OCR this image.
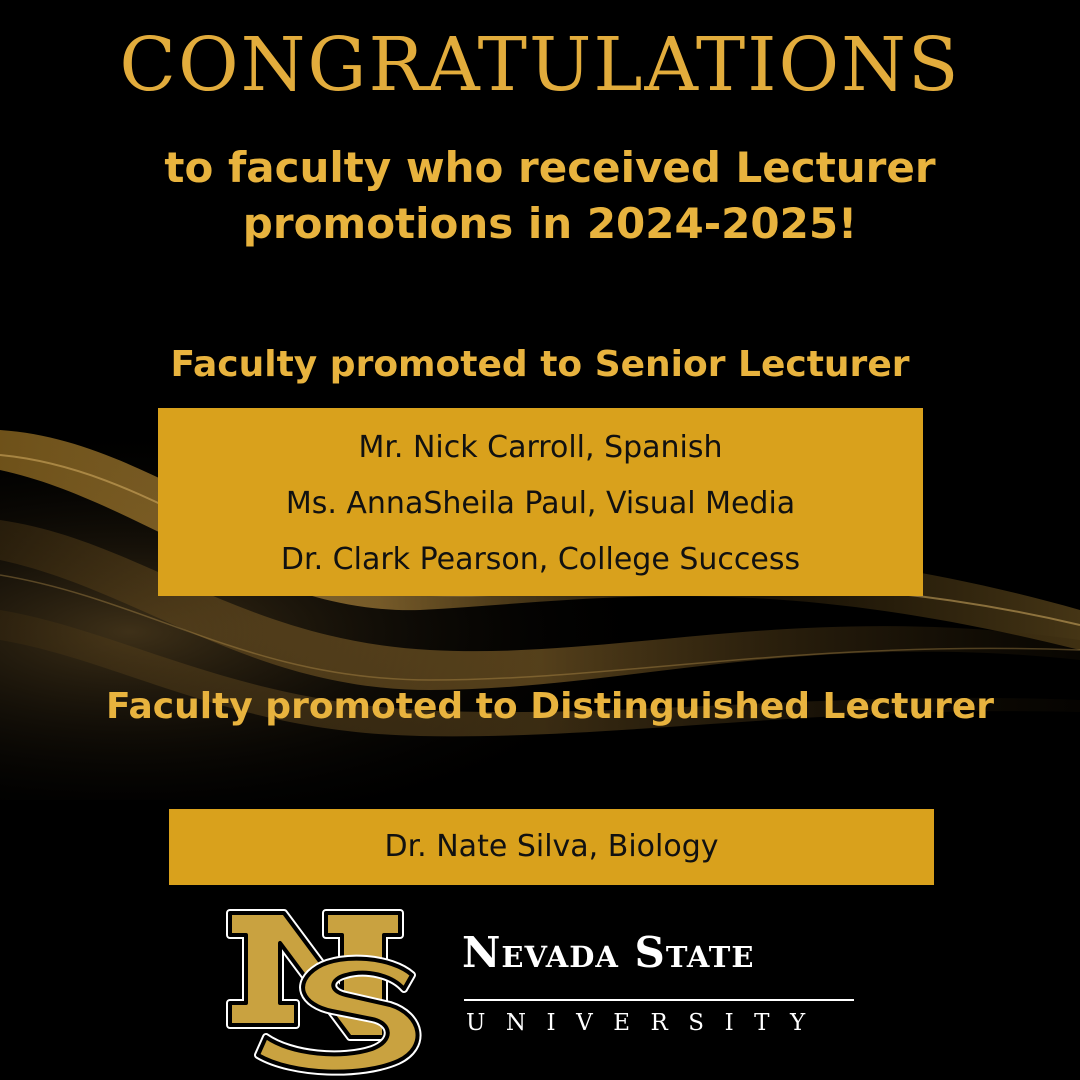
CONGRATULATIONS
to faculty who received Lecturer promotions in 2024-2025!
Faculty promoted to Senior Lecturer
Mr. Nick Carroll, Spanish
Ms. AnnaSheila Paul, Visual Media
Dr. Clark Pearson, College Success
Faculty promoted to Distinguished Lecturer
Dr. Nate Silva, Biology
Nevada State
UNIVERSITY
